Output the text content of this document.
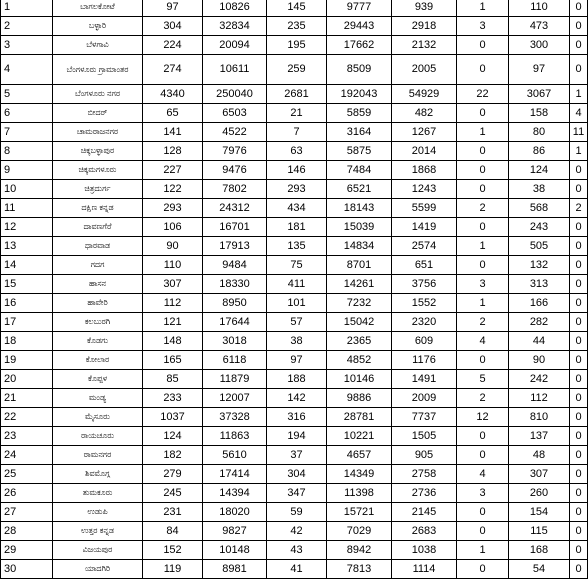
1	ಬಾಗಲಕೋಟೆ	97	10826	145	9777	939	1	110	0
2	ಬಳ್ಳಾರಿ	304	32834	235	29443	2918	3	473	0
3	ಬೆಳಗಾವಿ	224	20094	195	17662	2132	0	300	0
4	ಬೆಂಗಳೂರು ಗ್ರಾಮಾಂತರ	274	10611	259	8509	2005	0	97	0
5	ಬೆಂಗಳೂರು ನಗರ	4340	250040	2681	192043	54929	22	3067	1
6	ಬೀದರ್	65	6503	21	5859	482	0	158	4
7	ಚಾಮರಾಜನಗರ	141	4522	7	3164	1267	1	80	11
8	ಚಿಕ್ಕಬಳ್ಳಾಪುರ	128	7976	63	5875	2014	0	86	1
9	ಚಿಕ್ಕಮಗಳೂರು	227	9476	146	7484	1868	0	124	0
10	ಚಿತ್ರದುರ್ಗ	122	7802	293	6521	1243	0	38	0
11	ದಕ್ಷಿಣ ಕನ್ನಡ	293	24312	434	18143	5599	2	568	2
12	ದಾವಣಗೆರೆ	106	16701	181	15039	1419	0	243	0
13	ಧಾರವಾಡ	90	17913	135	14834	2574	1	505	0
14	ಗದಗ	110	9484	75	8701	651	0	132	0
15	ಹಾಸನ	307	18330	411	14261	3756	3	313	0
16	ಹಾವೇರಿ	112	8950	101	7232	1552	1	166	0
17	ಕಲಬುರಗಿ	121	17644	57	15042	2320	2	282	0
18	ಕೊಡಗು	148	3018	38	2365	609	4	44	0
19	ಕೋಲಾರ	165	6118	97	4852	1176	0	90	0
20	ಕೊಪ್ಪಳ	85	11879	188	10146	1491	5	242	0
21	ಮಂಡ್ಯ	233	12007	142	9886	2009	2	112	0
22	ಮೈಸೂರು	1037	37328	316	28781	7737	12	810	0
23	ರಾಯಚೂರು	124	11863	194	10221	1505	0	137	0
24	ರಾಮನಗರ	182	5610	37	4657	905	0	48	0
25	ಶಿವಮೊಗ್ಗ	279	17414	304	14349	2758	4	307	0
26	ತುಮಕೂರು	245	14394	347	11398	2736	3	260	0
27	ಉಡುಪಿ	231	18020	59	15721	2145	0	154	0
28	ಉತ್ತರ ಕನ್ನಡ	84	9827	42	7029	2683	0	115	0
29	ವಿಜಯಪುರ	152	10148	43	8942	1038	1	168	0
30	ಯಾದಗಿರಿ	119	8981	41	7813	1114	0	54	0
